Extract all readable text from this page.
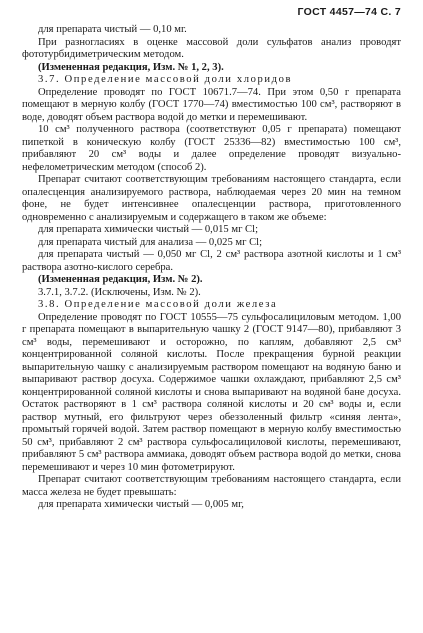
ГОСТ 4457—74 С. 7

для препарата чистый — 0,10 мг.

При разногласиях в оценке массовой доли сульфатов анализ проводят фототурбидиметрическим методом.

(Измененная редакция, Изм. № 1, 2, 3).

3.7. Определение массовой доли хлоридов

Определение проводят по ГОСТ 10671.7—74. При этом 0,50 г препарата помещают в мерную колбу (ГОСТ 1770—74) вместимостью 100 см³, растворяют в воде, доводят объем раствора водой до метки и перемешивают.

10 см³ полученного раствора (соответствуют 0,05 г препарата) помещают пипеткой в коническую колбу (ГОСТ 25336—82) вместимостью 100 см³, прибавляют 20 см³ воды и далее определение проводят визуально-нефелометрическим методом (способ 2).

Препарат считают соответствующим требованиям настоящего стандарта, если опалесценция анализируемого раствора, наблюдаемая через 20 мин на темном фоне, не будет интенсивнее опалесценции раствора, приготовленного одновременно с анализируемым и содержащего в таком же объеме:

для препарата химически чистый — 0,015 мг Cl;

для препарата чистый для анализа — 0,025 мг Cl;

для препарата чистый — 0,050 мг Cl, 2 см³ раствора азотной кислоты и 1 см³ раствора азотно-кислого серебра.

(Измененная редакция, Изм. № 2).

3.7.1, 3.7.2. (Исключены, Изм. № 2).

3.8. Определение массовой доли железа

Определение проводят по ГОСТ 10555—75 сульфосалициловым методом. 1,00 г препарата помещают в выпарительную чашку 2 (ГОСТ 9147—80), прибавляют 3 см³ воды, перемешивают и осторожно, по каплям, добавляют 2,5 см³ концентрированной соляной кислоты. После прекращения бурной реакции выпарительную чашку с анализируемым раствором помещают на водяную баню и выпаривают раствор досуха. Содержимое чашки охлаждают, прибавляют 2,5 см³ концентрированной соляной кислоты и снова выпаривают на водяной бане досуха. Остаток растворяют в 1 см³ раствора соляной кислоты и 20 см³ воды и, если раствор мутный, его фильтруют через обеззоленный фильтр «синяя лента», промытый горячей водой. Затем раствор помещают в мерную колбу вместимостью 50 см³, прибавляют 2 см³ раствора сульфосалициловой кислоты, перемешивают, прибавляют 5 см³ раствора аммиака, доводят объем раствора водой до метки, снова перемешивают и через 10 мин фотометрируют.

Препарат считают соответствующим требованиям настоящего стандарта, если масса железа не будет превышать:

для препарата химически чистый — 0,005 мг,
